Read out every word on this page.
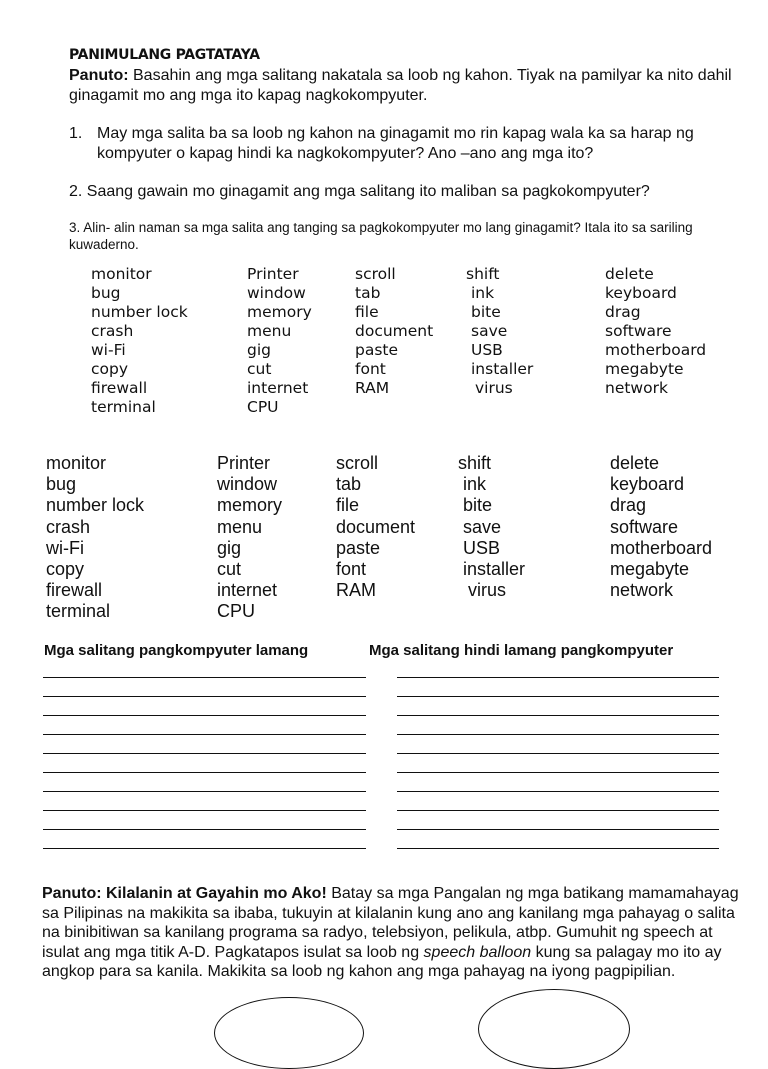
PANIMULANG PAGTATAYA
Panuto: Basahin ang mga salitang nakatala sa loob ng kahon. Tiyak na pamilyar ka nito dahil ginagamit mo ang mga ito kapag nagkokompyuter.
1. May mga salita ba sa loob ng kahon na ginagamit mo rin kapag wala ka sa harap ng kompyuter o kapag hindi ka nagkokompyuter? Ano –ano ang mga ito?
2. Saang gawain mo ginagamit ang mga salitang ito maliban sa pagkokompyuter?
3. Alin- alin naman sa mga salita ang tanging sa pagkokompyuter mo lang ginagamit? Itala ito sa sariling kuwaderno.
monitor
bug
number lock
crash
wi-Fi
copy
firewall
terminal
Printer
window
memory
menu
gig
cut
internet
CPU
scroll
tab
file
document
paste
font
RAM
shift
ink
bite
save
USB
installer
virus
delete
keyboard
drag
software
motherboard
megabyte
network
monitor
bug
number lock
crash
wi-Fi
copy
firewall
terminal
Printer
window
memory
menu
gig
cut
internet
CPU
scroll
tab
file
document
paste
font
RAM
shift
ink
bite
save
USB
installer
virus
delete
keyboard
drag
software
motherboard
megabyte
network
Mga salitang pangkompyuter lamang	Mga salitang hindi lamang pangkompyuter
Panuto: Kilalanin at Gayahin mo Ako! Batay sa mga Pangalan ng mga batikang mamamahayag sa Pilipinas na makikita sa ibaba, tukuyin at kilalanin kung ano ang kanilang mga pahayag o salita na binibitiwan sa kanilang programa sa radyo, telebsiyon, pelikula, atbp. Gumuhit ng speech at isulat ang mga titik A-D. Pagkatapos isulat sa loob ng speech balloon kung sa palagay mo ito ay angkop para sa kanila. Makikita sa loob ng kahon ang mga pahayag na iyong pagpipilian.
